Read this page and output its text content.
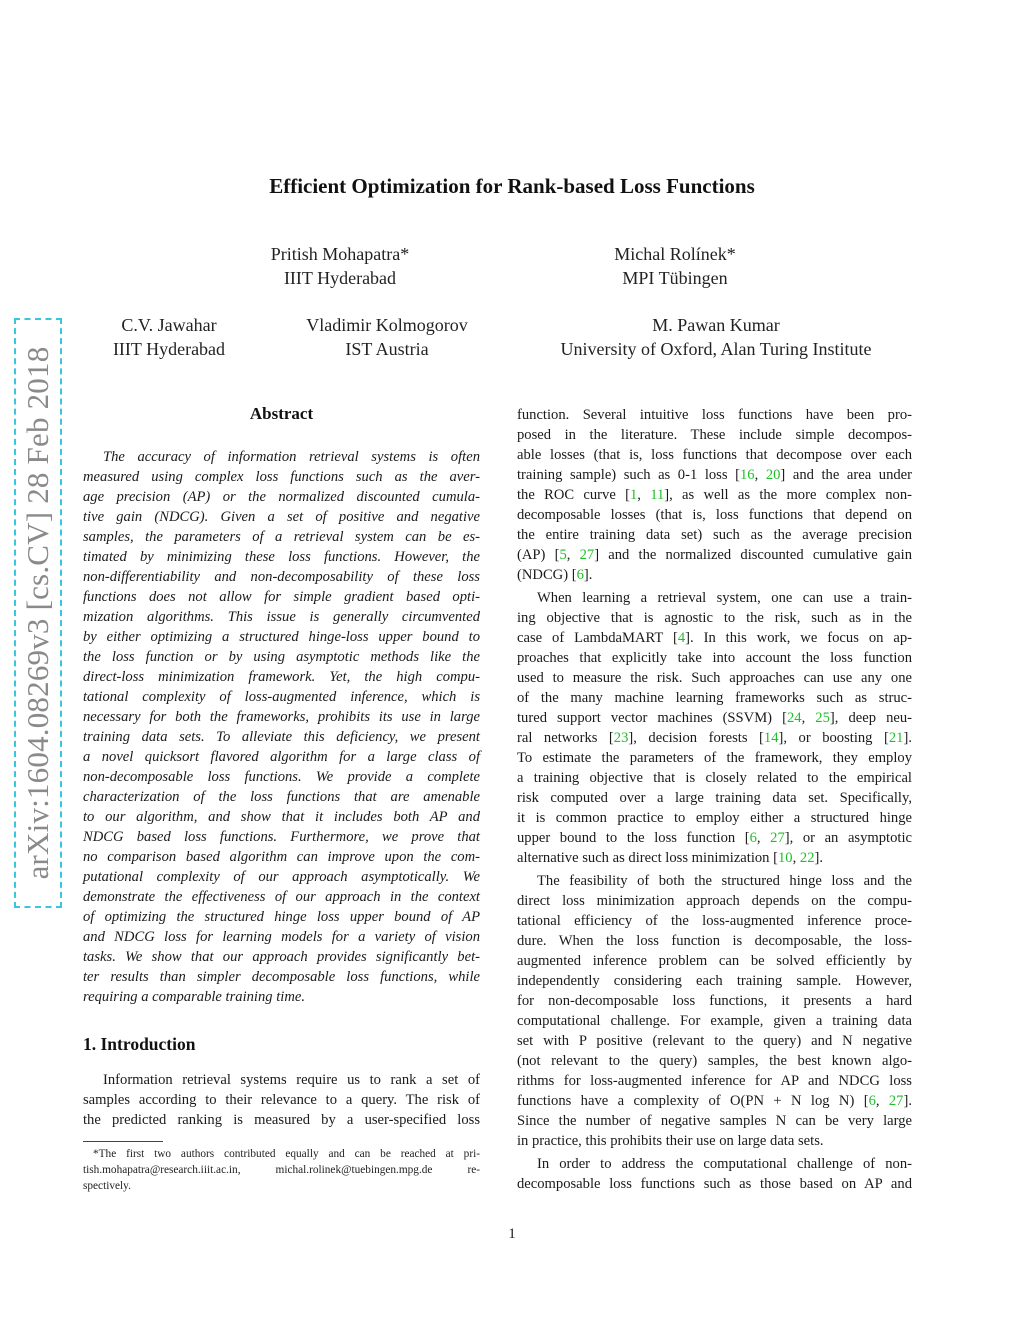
arXiv:1604.08269v3 [cs.CV] 28 Feb 2018
Efficient Optimization for Rank-based Loss Functions
Pritish Mohapatra*
IIIT Hyderabad
Michal Rolínek*
MPI Tübingen
C.V. Jawahar
IIIT Hyderabad
Vladimir Kolmogorov
IST Austria
M. Pawan Kumar
University of Oxford, Alan Turing Institute
Abstract
The accuracy of information retrieval systems is often
measured using complex loss functions such as the aver-
age precision (AP) or the normalized discounted cumula-
tive gain (NDCG). Given a set of positive and negative
samples, the parameters of a retrieval system can be es-
timated by minimizing these loss functions. However, the
non-differentiability and non-decomposability of these loss
functions does not allow for simple gradient based opti-
mization algorithms. This issue is generally circumvented
by either optimizing a structured hinge-loss upper bound to
the loss function or by using asymptotic methods like the
direct-loss minimization framework. Yet, the high compu-
tational complexity of loss-augmented inference, which is
necessary for both the frameworks, prohibits its use in large
training data sets. To alleviate this deficiency, we present
a novel quicksort flavored algorithm for a large class of
non-decomposable loss functions. We provide a complete
characterization of the loss functions that are amenable
to our algorithm, and show that it includes both AP and
NDCG based loss functions. Furthermore, we prove that
no comparison based algorithm can improve upon the com-
putational complexity of our approach asymptotically. We
demonstrate the effectiveness of our approach in the context
of optimizing the structured hinge loss upper bound of AP
and NDCG loss for learning models for a variety of vision
tasks. We show that our approach provides significantly bet-
ter results than simpler decomposable loss functions, while
requiring a comparable training time.
1. Introduction
Information retrieval systems require us to rank a set of
samples according to their relevance to a query. The risk of
the predicted ranking is measured by a user-specified loss
*The first two authors contributed equally and can be reached at pri-
tish.mohapatra@research.iiit.ac.in, michal.rolinek@tuebingen.mpg.de re-
spectively.
function. Several intuitive loss functions have been pro-
posed in the literature. These include simple decompos-
able losses (that is, loss functions that decompose over each
training sample) such as 0-1 loss [16, 20] and the area under
the ROC curve [1, 11], as well as the more complex non-
decomposable losses (that is, loss functions that depend on
the entire training data set) such as the average precision
(AP) [5, 27] and the normalized discounted cumulative gain
(NDCG) [6].
When learning a retrieval system, one can use a train-
ing objective that is agnostic to the risk, such as in the
case of LambdaMART [4]. In this work, we focus on ap-
proaches that explicitly take into account the loss function
used to measure the risk. Such approaches can use any one
of the many machine learning frameworks such as struc-
tured support vector machines (SSVM) [24, 25], deep neu-
ral networks [23], decision forests [14], or boosting [21].
To estimate the parameters of the framework, they employ
a training objective that is closely related to the empirical
risk computed over a large training data set. Specifically,
it is common practice to employ either a structured hinge
upper bound to the loss function [6, 27], or an asymptotic
alternative such as direct loss minimization [10, 22].
The feasibility of both the structured hinge loss and the
direct loss minimization approach depends on the compu-
tational efficiency of the loss-augmented inference proce-
dure. When the loss function is decomposable, the loss-
augmented inference problem can be solved efficiently by
independently considering each training sample. However,
for non-decomposable loss functions, it presents a hard
computational challenge. For example, given a training data
set with P positive (relevant to the query) and N negative
(not relevant to the query) samples, the best known algo-
rithms for loss-augmented inference for AP and NDCG loss
functions have a complexity of O(PN + N log N) [6, 27].
Since the number of negative samples N can be very large
in practice, this prohibits their use on large data sets.
In order to address the computational challenge of non-
decomposable loss functions such as those based on AP and
1
